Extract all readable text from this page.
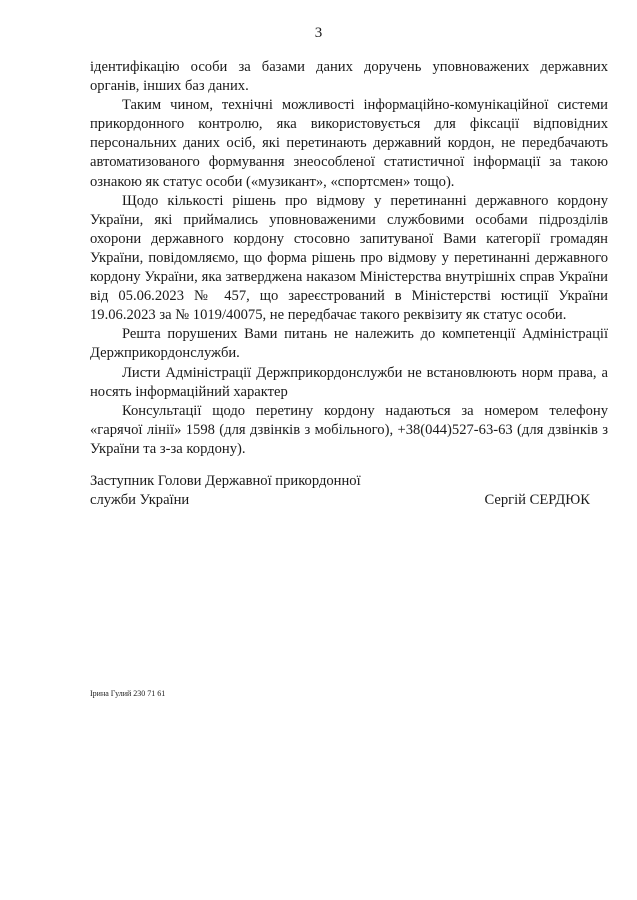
3

ідентифікацію особи за базами даних доручень уповноважених державних органів, інших баз даних.

Таким чином, технічні можливості інформаційно-комунікаційної системи прикордонного контролю, яка використовується для фіксації відповідних персональних даних осіб, які перетинають державний кордон, не передбачають автоматизованого формування знеособленої статистичної інформації за такою ознакою як статус особи («музикант», «спортсмен» тощо).

Щодо кількості рішень про відмову у перетинанні державного кордону України, які приймались уповноваженими службовими особами підрозділів охорони державного кордону стосовно запитуваної Вами категорії громадян України, повідомляємо, що форма рішень про відмову у перетинанні державного кордону України, яка затверджена наказом Міністерства внутрішніх справ України від 05.06.2023 № 457, що зареєстрований в Міністерстві юстиції України 19.06.2023 за № 1019/40075, не передбачає такого реквізиту як статус особи.

Решта порушених Вами питань не належить до компетенції Адміністрації Держприкордонслужби.

Листи Адміністрації Держприкордонслужби не встановлюють норм права, а носять інформаційний характер

Консультації щодо перетину кордону надаються за номером телефону «гарячої лінії» 1598 (для дзвінків з мобільного), +38(044)527-63-63 (для дзвінків з України та з-за кордону).

Заступник Голови Державної прикордонної
служби України	Сергій СЕРДЮК
Ірина Гулий 230 71 61
